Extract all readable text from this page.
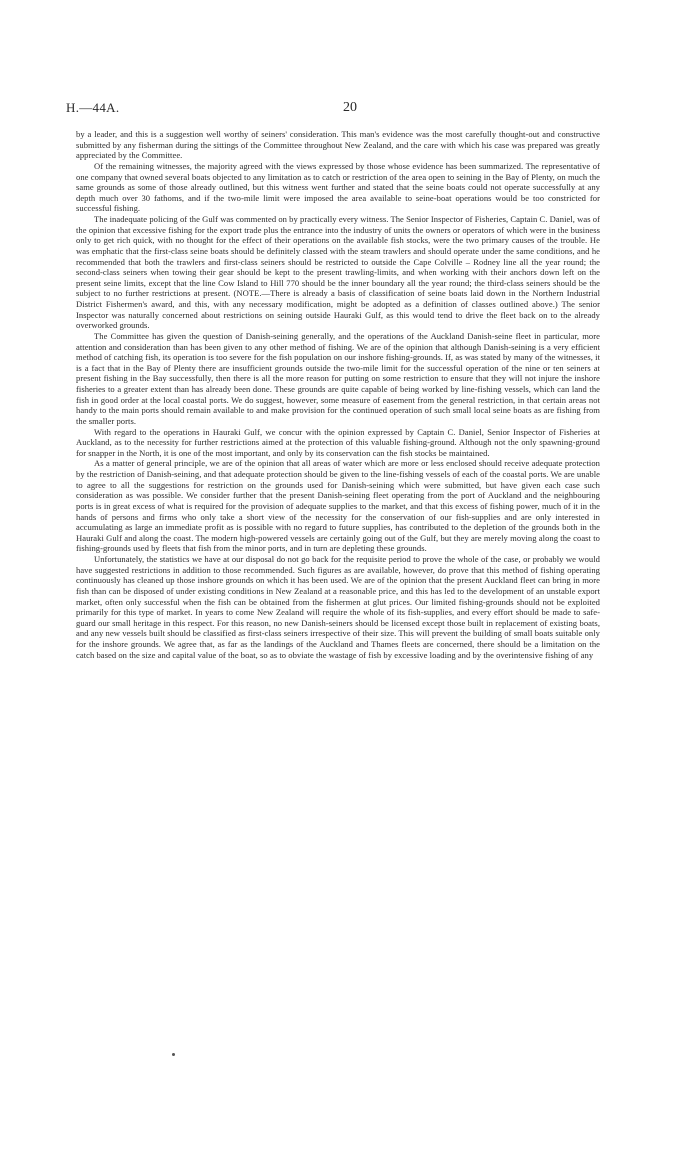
H.—44A.	20

by a leader, and this is a suggestion well worthy of seiners' consideration. This man's evidence was the most carefully thought-out and constructive submitted by any fisherman during the sittings of the Committee throughout New Zealand, and the care with which his case was prepared was greatly appreciated by the Committee.

Of the remaining witnesses, the majority agreed with the views expressed by those whose evidence has been summarized. The representative of one company that owned several boats objected to any limitation as to catch or restriction of the area open to seining in the Bay of Plenty, on much the same grounds as some of those already outlined, but this witness went further and stated that the seine boats could not operate successfully at any depth much over 30 fathoms, and if the two-mile limit were imposed the area available to seine-boat operations would be too constricted for successful fishing.

The inadequate policing of the Gulf was commented on by practically every witness. The Senior Inspector of Fisheries, Captain C. Daniel, was of the opinion that excessive fishing for the export trade plus the entrance into the industry of units the owners or operators of which were in the business only to get rich quick, with no thought for the effect of their operations on the available fish stocks, were the two primary causes of the trouble. He was emphatic that the first-class seine boats should be definitely classed with the steam trawlers and should operate under the same conditions, and he recommended that both the trawlers and first-class seiners should be restricted to outside the Cape Colville – Rodney line all the year round; the second-class seiners when towing their gear should be kept to the present trawling-limits, and when working with their anchors down left on the present seine limits, except that the line Cow Island to Hill 770 should be the inner boundary all the year round; the third-class seiners should be the subject to no further restrictions at present. (NOTE.—There is already a basis of classification of seine boats laid down in the Northern Industrial District Fishermen's award, and this, with any necessary modification, might be adopted as a definition of classes outlined above.) The senior Inspector was naturally concerned about restrictions on seining outside Hauraki Gulf, as this would tend to drive the fleet back on to the already overworked grounds.

The Committee has given the question of Danish-seining generally, and the operations of the Auckland Danish-seine fleet in particular, more attention and consideration than has been given to any other method of fishing. We are of the opinion that although Danish-seining is a very efficient method of catching fish, its operation is too severe for the fish population on our inshore fishing-grounds. If, as was stated by many of the witnesses, it is a fact that in the Bay of Plenty there are insufficient grounds outside the two-mile limit for the successful operation of the nine or ten seiners at present fishing in the Bay successfully, then there is all the more reason for putting on some restriction to ensure that they will not injure the inshore fisheries to a greater extent than has already been done. These grounds are quite capable of being worked by line-fishing vessels, which can land the fish in good order at the local coastal ports. We do suggest, however, some measure of easement from the general restriction, in that certain areas not handy to the main ports should remain available to and make provision for the continued operation of such small local seine boats as are fishing from the smaller ports.

With regard to the operations in Hauraki Gulf, we concur with the opinion expressed by Captain C. Daniel, Senior Inspector of Fisheries at Auckland, as to the necessity for further restrictions aimed at the protection of this valuable fishing-ground. Although not the only spawning-ground for snapper in the North, it is one of the most important, and only by its conservation can the fish stocks be maintained.

As a matter of general principle, we are of the opinion that all areas of water which are more or less enclosed should receive adequate protection by the restriction of Danish-seining, and that adequate protection should be given to the line-fishing vessels of each of the coastal ports. We are unable to agree to all the suggestions for restriction on the grounds used for Danish-seining which were submitted, but have given each case such consideration as was possible. We consider further that the present Danish-seining fleet operating from the port of Auckland and the neighbouring ports is in great excess of what is required for the provision of adequate supplies to the market, and that this excess of fishing power, much of it in the hands of persons and firms who only take a short view of the necessity for the conservation of our fish-supplies and are only interested in accumulating as large an immediate profit as is possible with no regard to future supplies, has contributed to the depletion of the grounds both in the Hauraki Gulf and along the coast. The modern high-powered vessels are certainly going out of the Gulf, but they are merely moving along the coast to fishing-grounds used by fleets that fish from the minor ports, and in turn are depleting these grounds.

Unfortunately, the statistics we have at our disposal do not go back for the requisite period to prove the whole of the case, or probably we would have suggested restrictions in addition to those recommended. Such figures as are available, however, do prove that this method of fishing operating continuously has cleaned up those inshore grounds on which it has been used. We are of the opinion that the present Auckland fleet can bring in more fish than can be disposed of under existing conditions in New Zealand at a reasonable price, and this has led to the development of an unstable export market, often only successful when the fish can be obtained from the fishermen at glut prices. Our limited fishing-grounds should not be exploited primarily for this type of market. In years to come New Zealand will require the whole of its fish-supplies, and every effort should be made to safe-guard our small heritage in this respect. For this reason, no new Danish-seiners should be licensed except those built in replacement of existing boats, and any new vessels built should be classified as first-class seiners irrespective of their size. This will prevent the building of small boats suitable only for the inshore grounds. We agree that, as far as the landings of the Auckland and Thames fleets are concerned, there should be a limitation on the catch based on the size and capital value of the boat, so as to obviate the wastage of fish by excessive loading and by the overintensive fishing of any
